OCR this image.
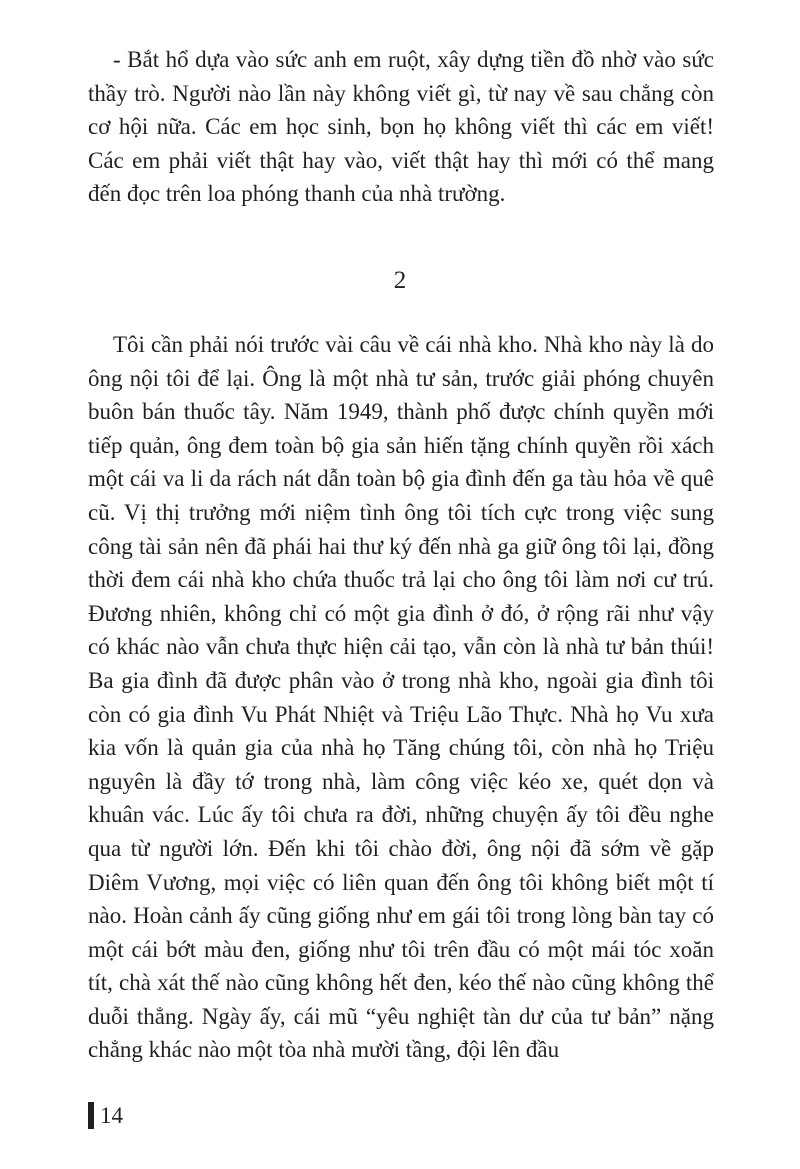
- Bắt hổ dựa vào sức anh em ruột, xây dựng tiền đồ nhờ vào sức thầy trò. Người nào lần này không viết gì, từ nay về sau chẳng còn cơ hội nữa. Các em học sinh, bọn họ không viết thì các em viết! Các em phải viết thật hay vào, viết thật hay thì mới có thể mang đến đọc trên loa phóng thanh của nhà trường.

2

Tôi cần phải nói trước vài câu về cái nhà kho. Nhà kho này là do ông nội tôi để lại. Ông là một nhà tư sản, trước giải phóng chuyên buôn bán thuốc tây. Năm 1949, thành phố được chính quyền mới tiếp quản, ông đem toàn bộ gia sản hiến tặng chính quyền rồi xách một cái va li da rách nát dẫn toàn bộ gia đình đến ga tàu hỏa về quê cũ. Vị thị trưởng mới niệm tình ông tôi tích cực trong việc sung công tài sản nên đã phái hai thư ký đến nhà ga giữ ông tôi lại, đồng thời đem cái nhà kho chứa thuốc trả lại cho ông tôi làm nơi cư trú. Đương nhiên, không chỉ có một gia đình ở đó, ở rộng rãi như vậy có khác nào vẫn chưa thực hiện cải tạo, vẫn còn là nhà tư bản thúi! Ba gia đình đã được phân vào ở trong nhà kho, ngoài gia đình tôi còn có gia đình Vu Phát Nhiệt và Triệu Lão Thực. Nhà họ Vu xưa kia vốn là quản gia của nhà họ Tăng chúng tôi, còn nhà họ Triệu nguyên là đầy tớ trong nhà, làm công việc kéo xe, quét dọn và khuân vác. Lúc ấy tôi chưa ra đời, những chuyện ấy tôi đều nghe qua từ người lớn. Đến khi tôi chào đời, ông nội đã sớm về gặp Diêm Vương, mọi việc có liên quan đến ông tôi không biết một tí nào. Hoàn cảnh ấy cũng giống như em gái tôi trong lòng bàn tay có một cái bớt màu đen, giống như tôi trên đầu có một mái tóc xoăn tít, chà xát thế nào cũng không hết đen, kéo thế nào cũng không thể duỗi thẳng. Ngày ấy, cái mũ “yêu nghiệt tàn dư của tư bản” nặng chẳng khác nào một tòa nhà mười tầng, đội lên đầu

14
